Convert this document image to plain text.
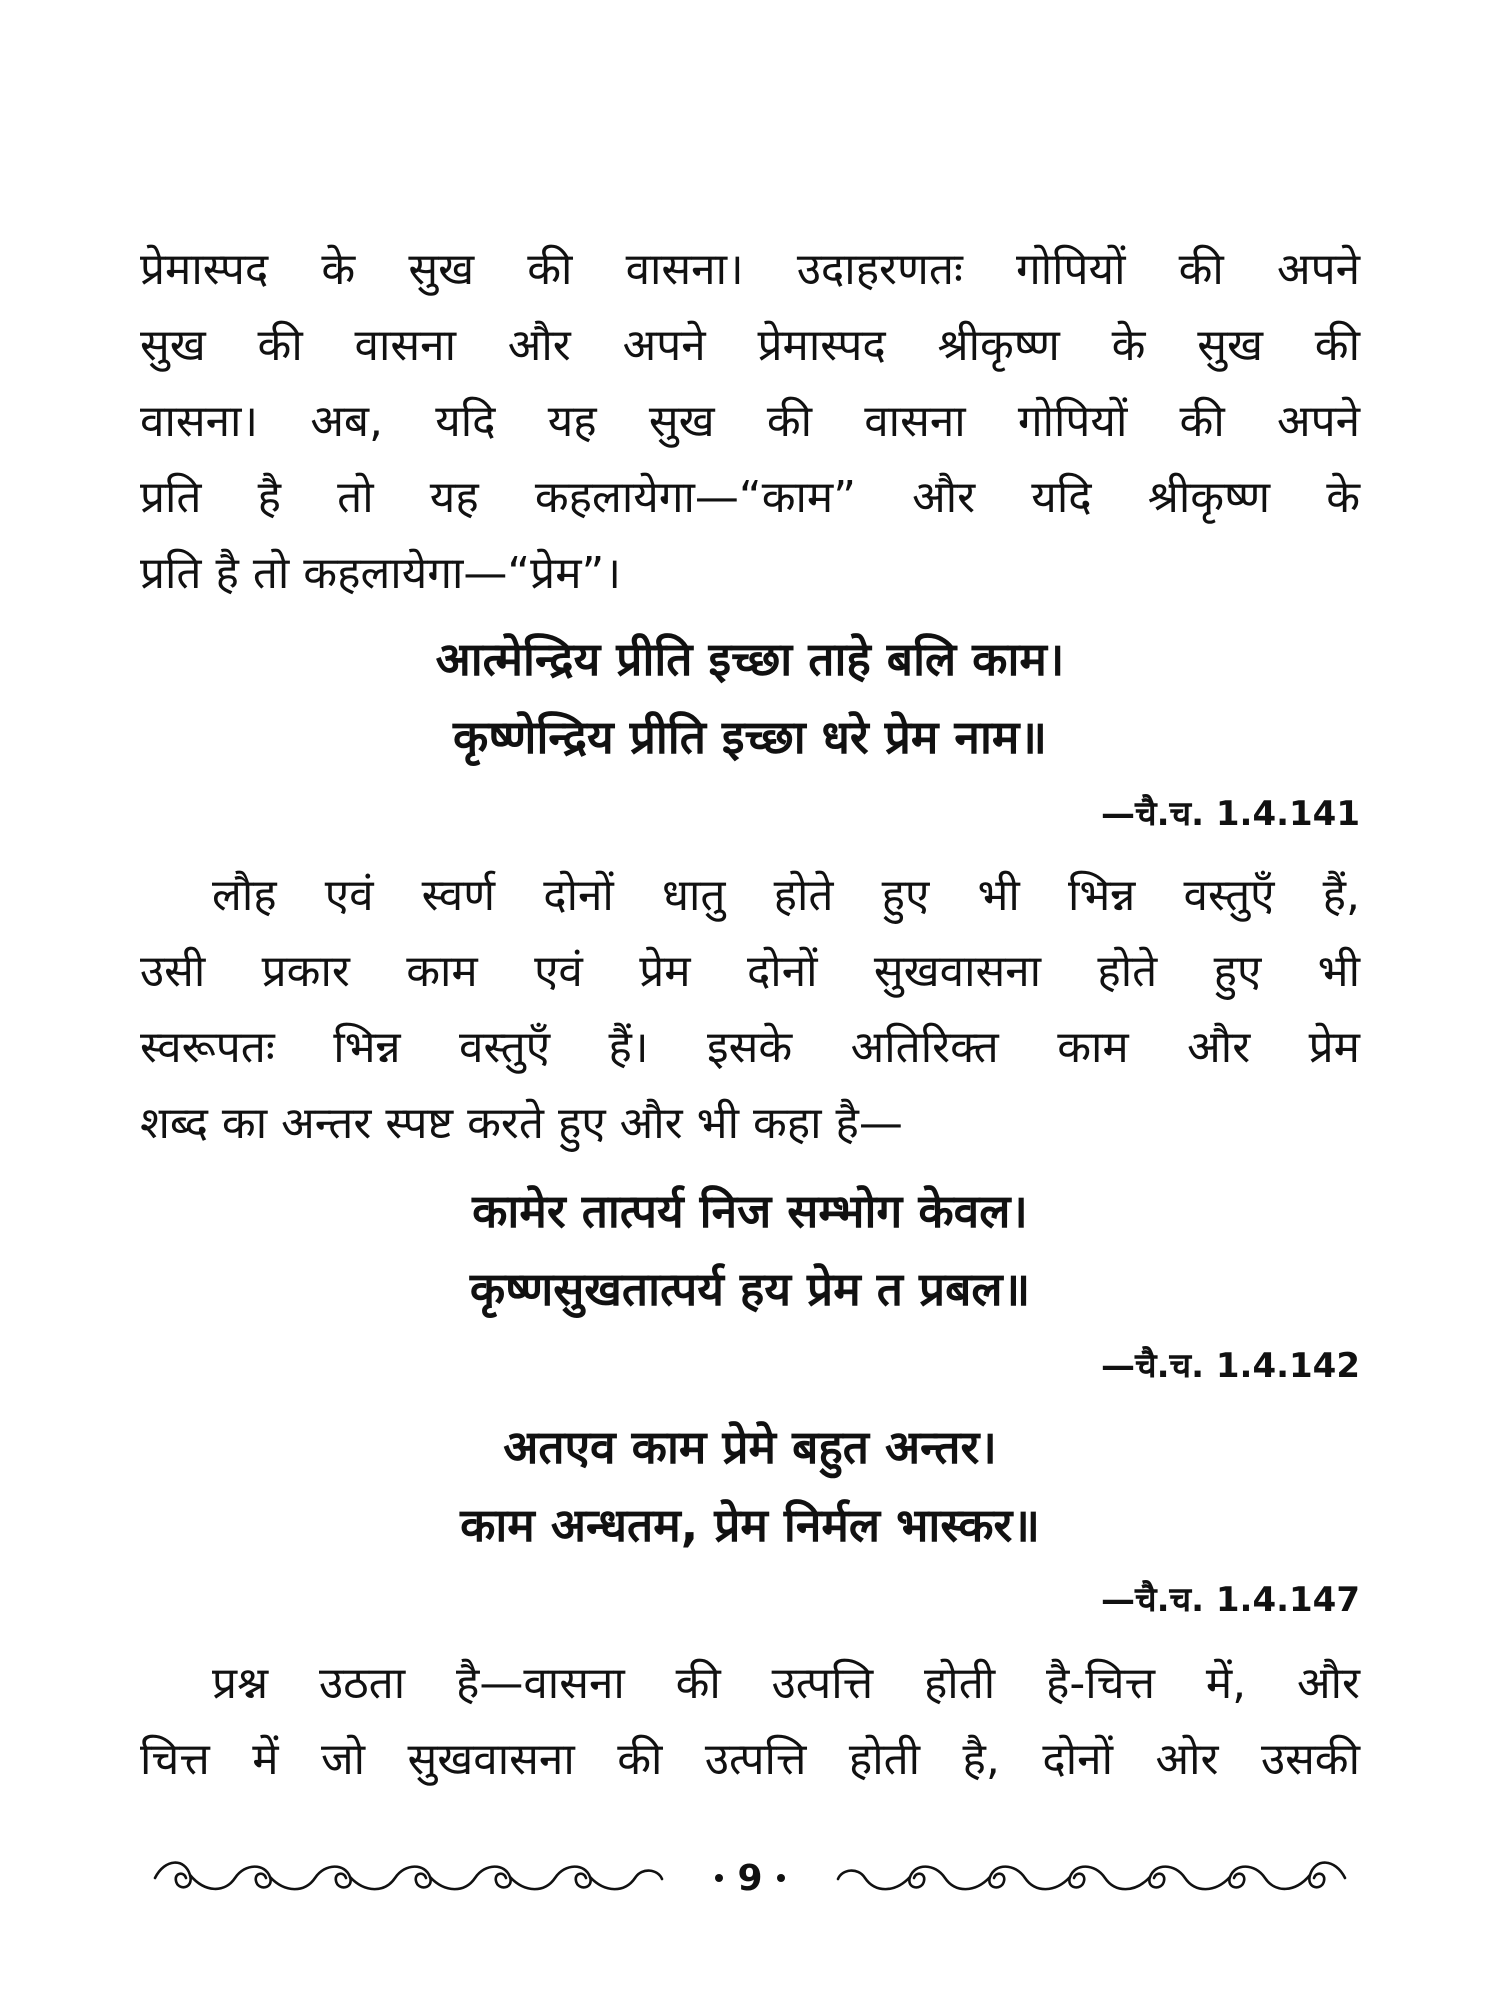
प्रेमास्पद के सुख की वासना। उदाहरणतः गोपियों की अपने
सुख की वासना और अपने प्रेमास्पद श्रीकृष्ण के सुख की
वासना। अब, यदि यह सुख की वासना गोपियों की अपने
प्रति है तो यह कहलायेगा—“काम” और यदि श्रीकृष्ण के
प्रति है तो कहलायेगा—“प्रेम”।
आत्मेन्द्रिय प्रीति इच्छा ताहे बलि काम।
कृष्णेन्द्रिय प्रीति इच्छा धरे प्रेम नाम॥
—चै.च. 1.4.141
लौह एवं स्वर्ण दोनों धातु होते हुए भी भिन्न वस्तुएँ हैं,
उसी प्रकार काम एवं प्रेम दोनों सुखवासना होते हुए भी
स्वरूपतः भिन्न वस्तुएँ हैं। इसके अतिरिक्त काम और प्रेम
शब्द का अन्तर स्पष्ट करते हुए और भी कहा है—
कामेर तात्पर्य निज सम्भोग केवल।
कृष्णसुखतात्पर्य हय प्रेम त प्रबल॥
—चै.च. 1.4.142
अतएव काम प्रेमे बहुत अन्तर।
काम अन्धतम, प्रेम निर्मल भास्कर॥
—चै.च. 1.4.147
प्रश्न उठता है—वासना की उत्पत्ति होती है-चित्त में, और
चित्त में जो सुखवासना की उत्पत्ति होती है, दोनों ओर उसकी
9
